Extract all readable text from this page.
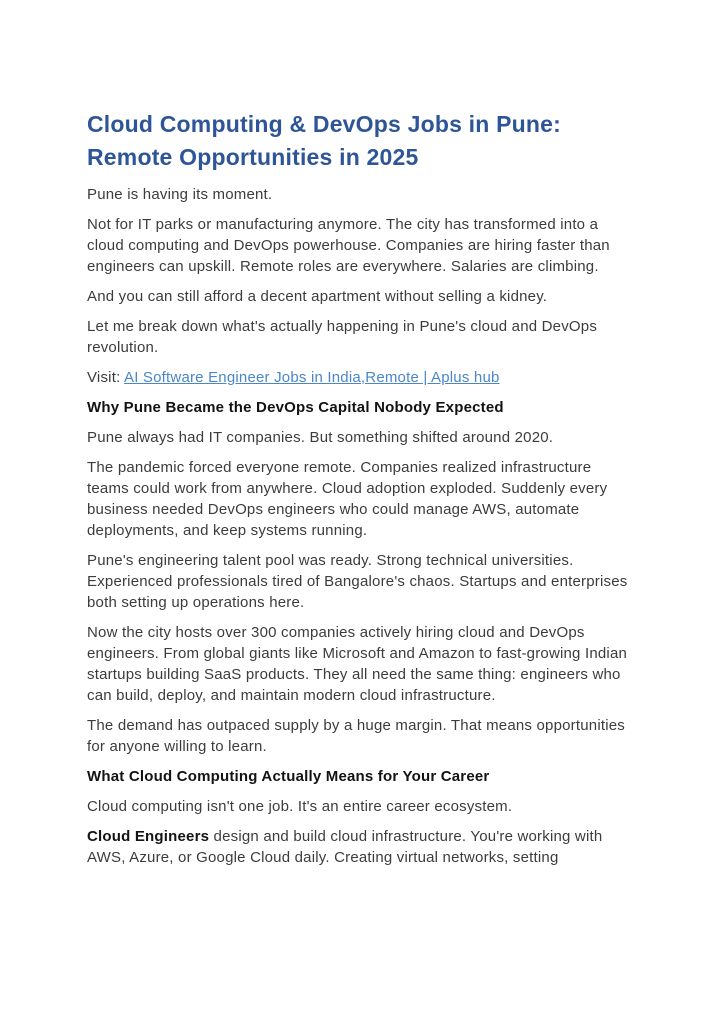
Cloud Computing & DevOps Jobs in Pune: Remote Opportunities in 2025

Pune is having its moment.

Not for IT parks or manufacturing anymore. The city has transformed into a cloud computing and DevOps powerhouse. Companies are hiring faster than engineers can upskill. Remote roles are everywhere. Salaries are climbing.

And you can still afford a decent apartment without selling a kidney.

Let me break down what's actually happening in Pune's cloud and DevOps revolution.

Visit: AI Software Engineer Jobs in India,Remote | Aplus hub

Why Pune Became the DevOps Capital Nobody Expected

Pune always had IT companies. But something shifted around 2020.

The pandemic forced everyone remote. Companies realized infrastructure teams could work from anywhere. Cloud adoption exploded. Suddenly every business needed DevOps engineers who could manage AWS, automate deployments, and keep systems running.

Pune's engineering talent pool was ready. Strong technical universities. Experienced professionals tired of Bangalore's chaos. Startups and enterprises both setting up operations here.

Now the city hosts over 300 companies actively hiring cloud and DevOps engineers. From global giants like Microsoft and Amazon to fast-growing Indian startups building SaaS products. They all need the same thing: engineers who can build, deploy, and maintain modern cloud infrastructure.

The demand has outpaced supply by a huge margin. That means opportunities for anyone willing to learn.

What Cloud Computing Actually Means for Your Career

Cloud computing isn't one job. It's an entire career ecosystem.

Cloud Engineers design and build cloud infrastructure. You're working with AWS, Azure, or Google Cloud daily. Creating virtual networks, setting
